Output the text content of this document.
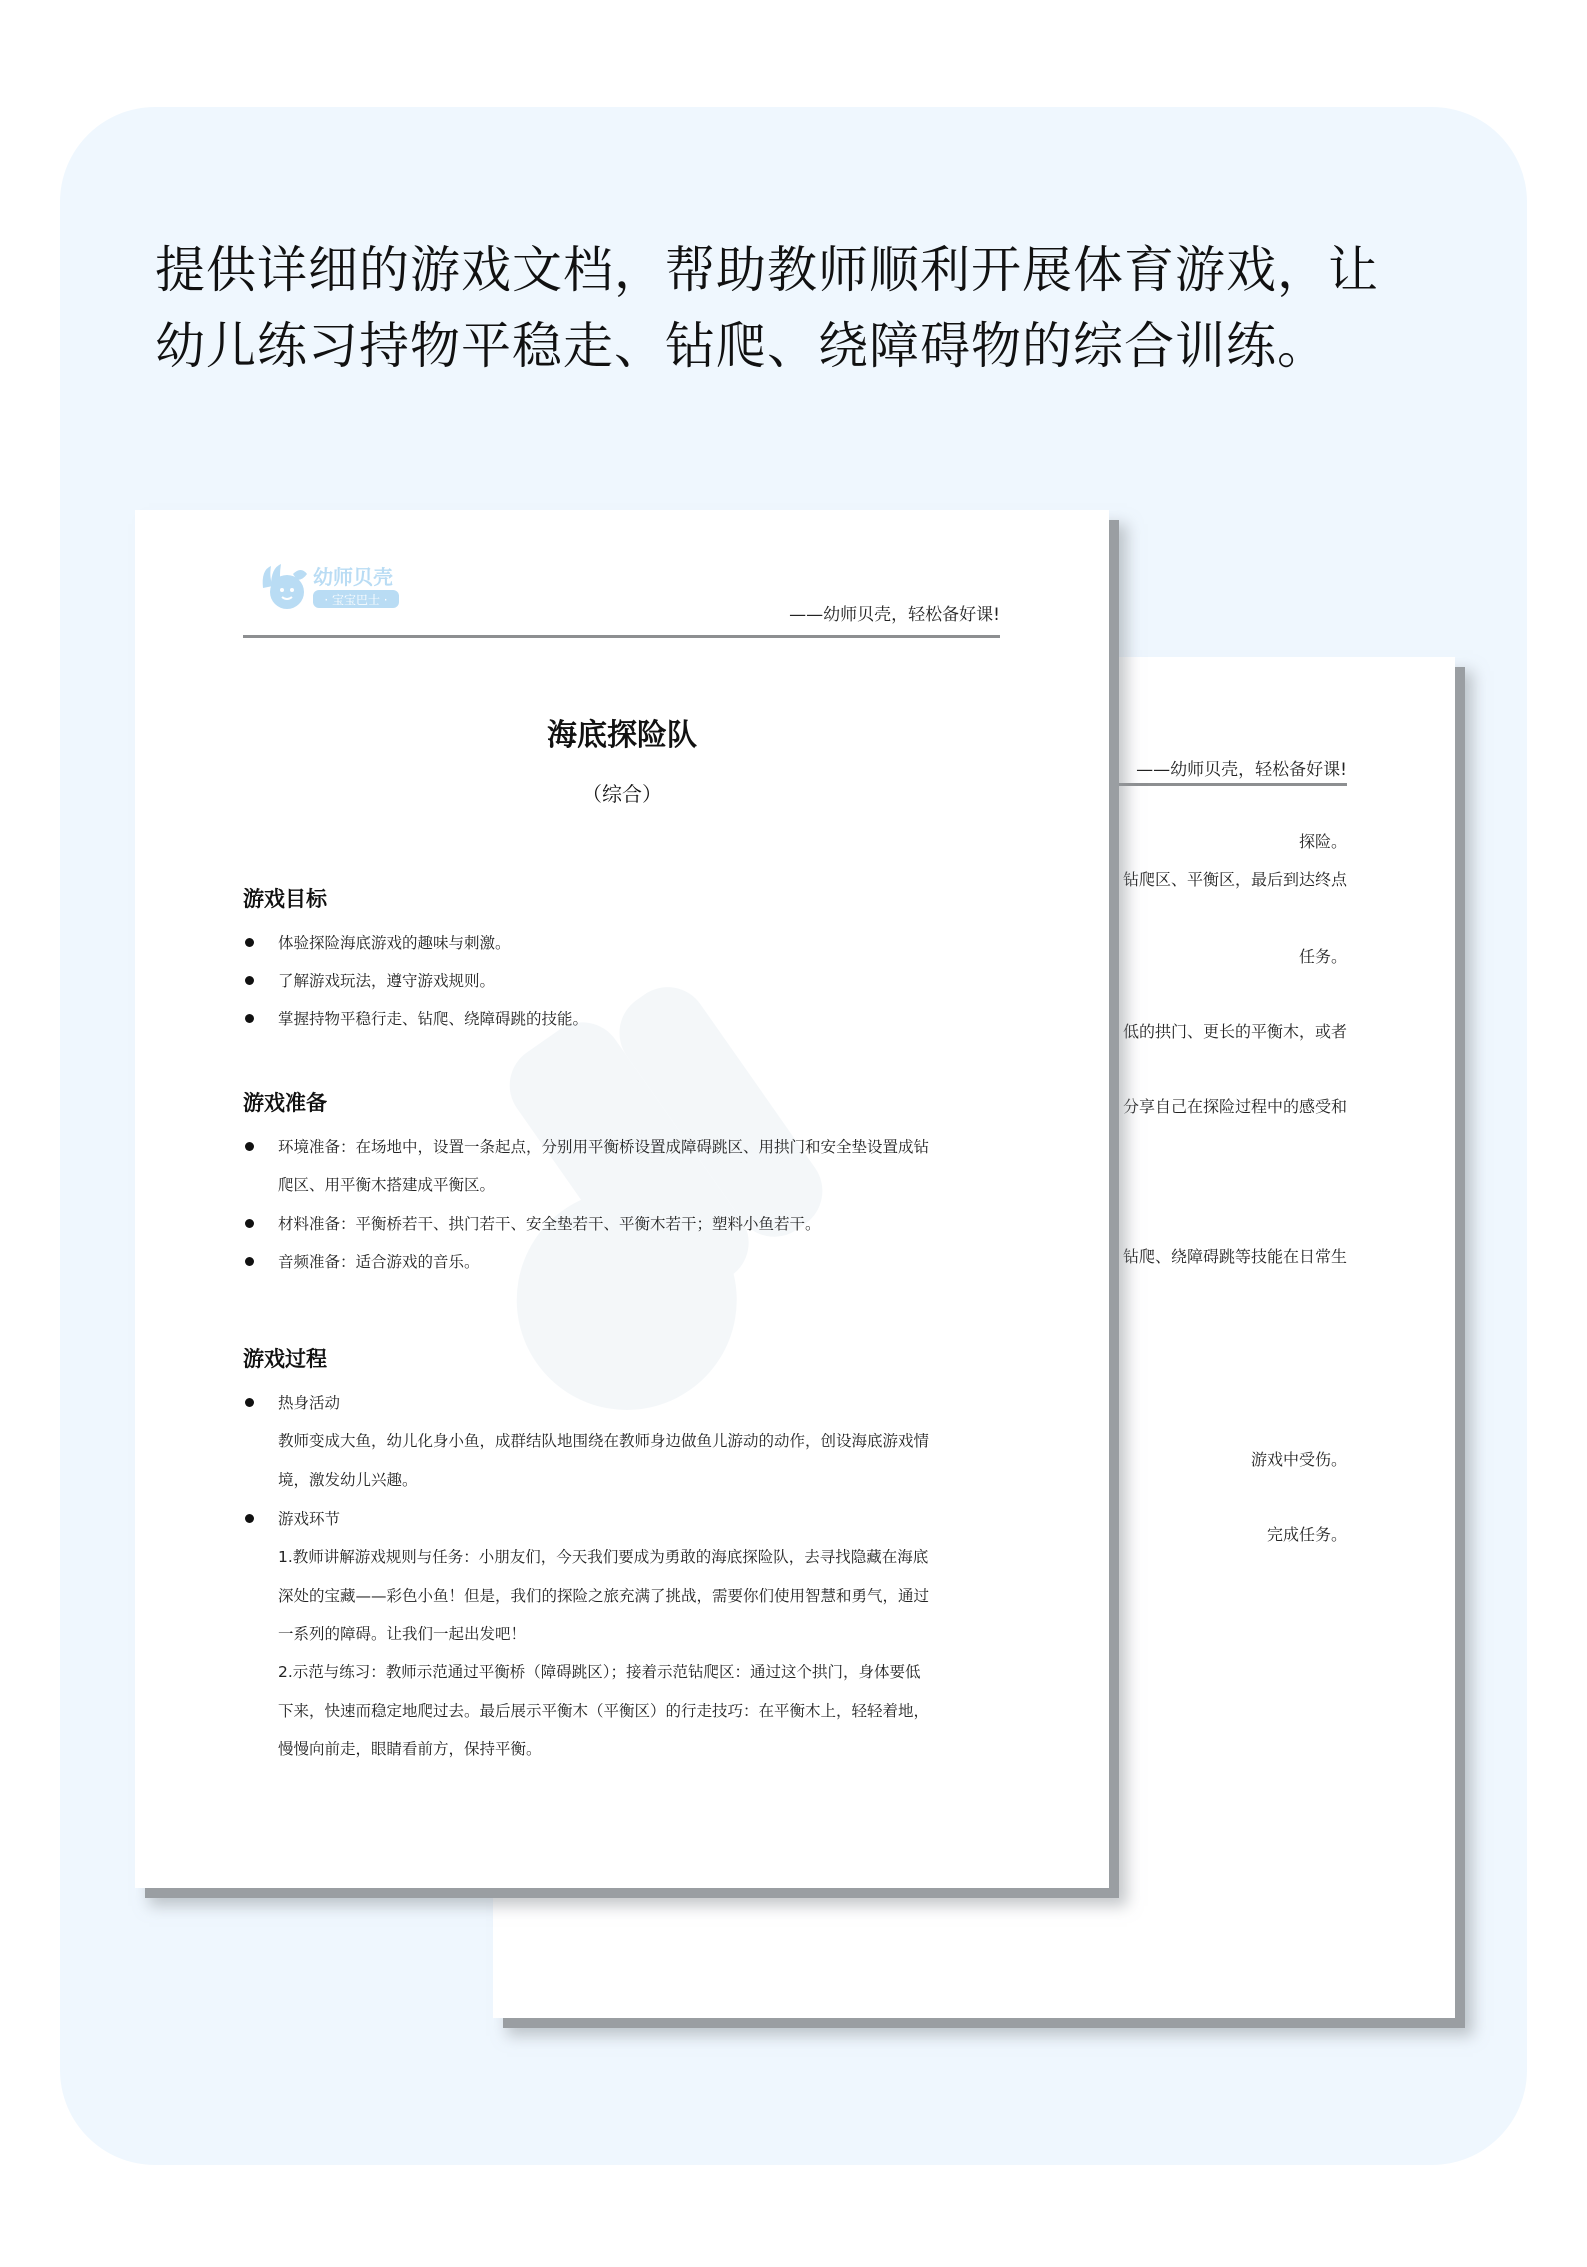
提供详细的游戏文档，帮助教师顺利开展体育游戏，让
幼儿练习持物平稳走、钻爬、绕障碍物的综合训练。
——幼师贝壳，轻松备好课!
探险。
钻爬区、平衡区，最后到达终点
任务。
低的拱门、更长的平衡木，或者
分享自己在探险过程中的感受和
钻爬、绕障碍跳等技能在日常生
游戏中受伤。
完成任务。
幼师贝壳
· 宝宝巴士 ·
——幼师贝壳，轻松备好课!
海底探险队
（综合）
游戏目标
体验探险海底游戏的趣味与刺激。
了解游戏玩法，遵守游戏规则。
掌握持物平稳行走、钻爬、绕障碍跳的技能。
游戏准备
环境准备：在场地中，设置一条起点，分别用平衡桥设置成障碍跳区、用拱门和安全垫设置成钻
爬区、用平衡木搭建成平衡区。
材料准备：平衡桥若干、拱门若干、安全垫若干、平衡木若干；塑料小鱼若干。
音频准备：适合游戏的音乐。
游戏过程
热身活动
教师变成大鱼，幼儿化身小鱼，成群结队地围绕在教师身边做鱼儿游动的动作，创设海底游戏情
境，激发幼儿兴趣。
游戏环节
1.教师讲解游戏规则与任务：小朋友们，今天我们要成为勇敢的海底探险队，去寻找隐藏在海底
深处的宝藏——彩色小鱼！但是，我们的探险之旅充满了挑战，需要你们使用智慧和勇气，通过
一系列的障碍。让我们一起出发吧！
2.示范与练习：教师示范通过平衡桥（障碍跳区）；接着示范钻爬区：通过这个拱门，身体要低
下来，快速而稳定地爬过去。最后展示平衡木（平衡区）的行走技巧：在平衡木上，轻轻着地，
慢慢向前走，眼睛看前方，保持平衡。
